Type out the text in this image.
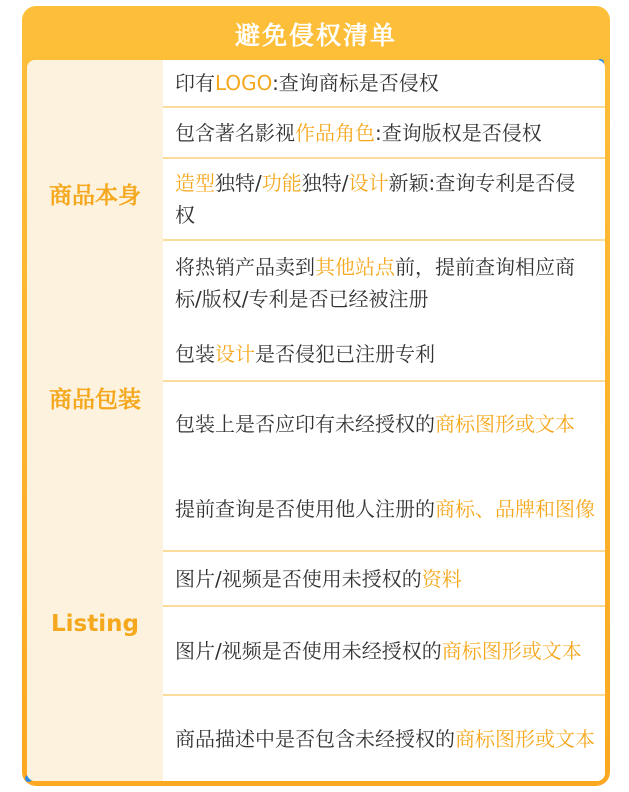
避免侵权清单
商品本身
印有LOGO:查询商标是否侵权
包含著名影视作品角色:查询版权是否侵权
造型独特/功能独特/设计新颖:查询专利是否侵权
将热销产品卖到其他站点前，提前查询相应商标/版权/专利是否已经被注册
商品包装
包装设计是否侵犯已注册专利
包装上是否应印有未经授权的商标图形或文本
Listing
提前查询是否使用他人注册的商标、品牌和图像
图片/视频是否使用未授权的资料
图片/视频是否使用未经授权的商标图形或文本
商品描述中是否包含未经授权的商标图形或文本
